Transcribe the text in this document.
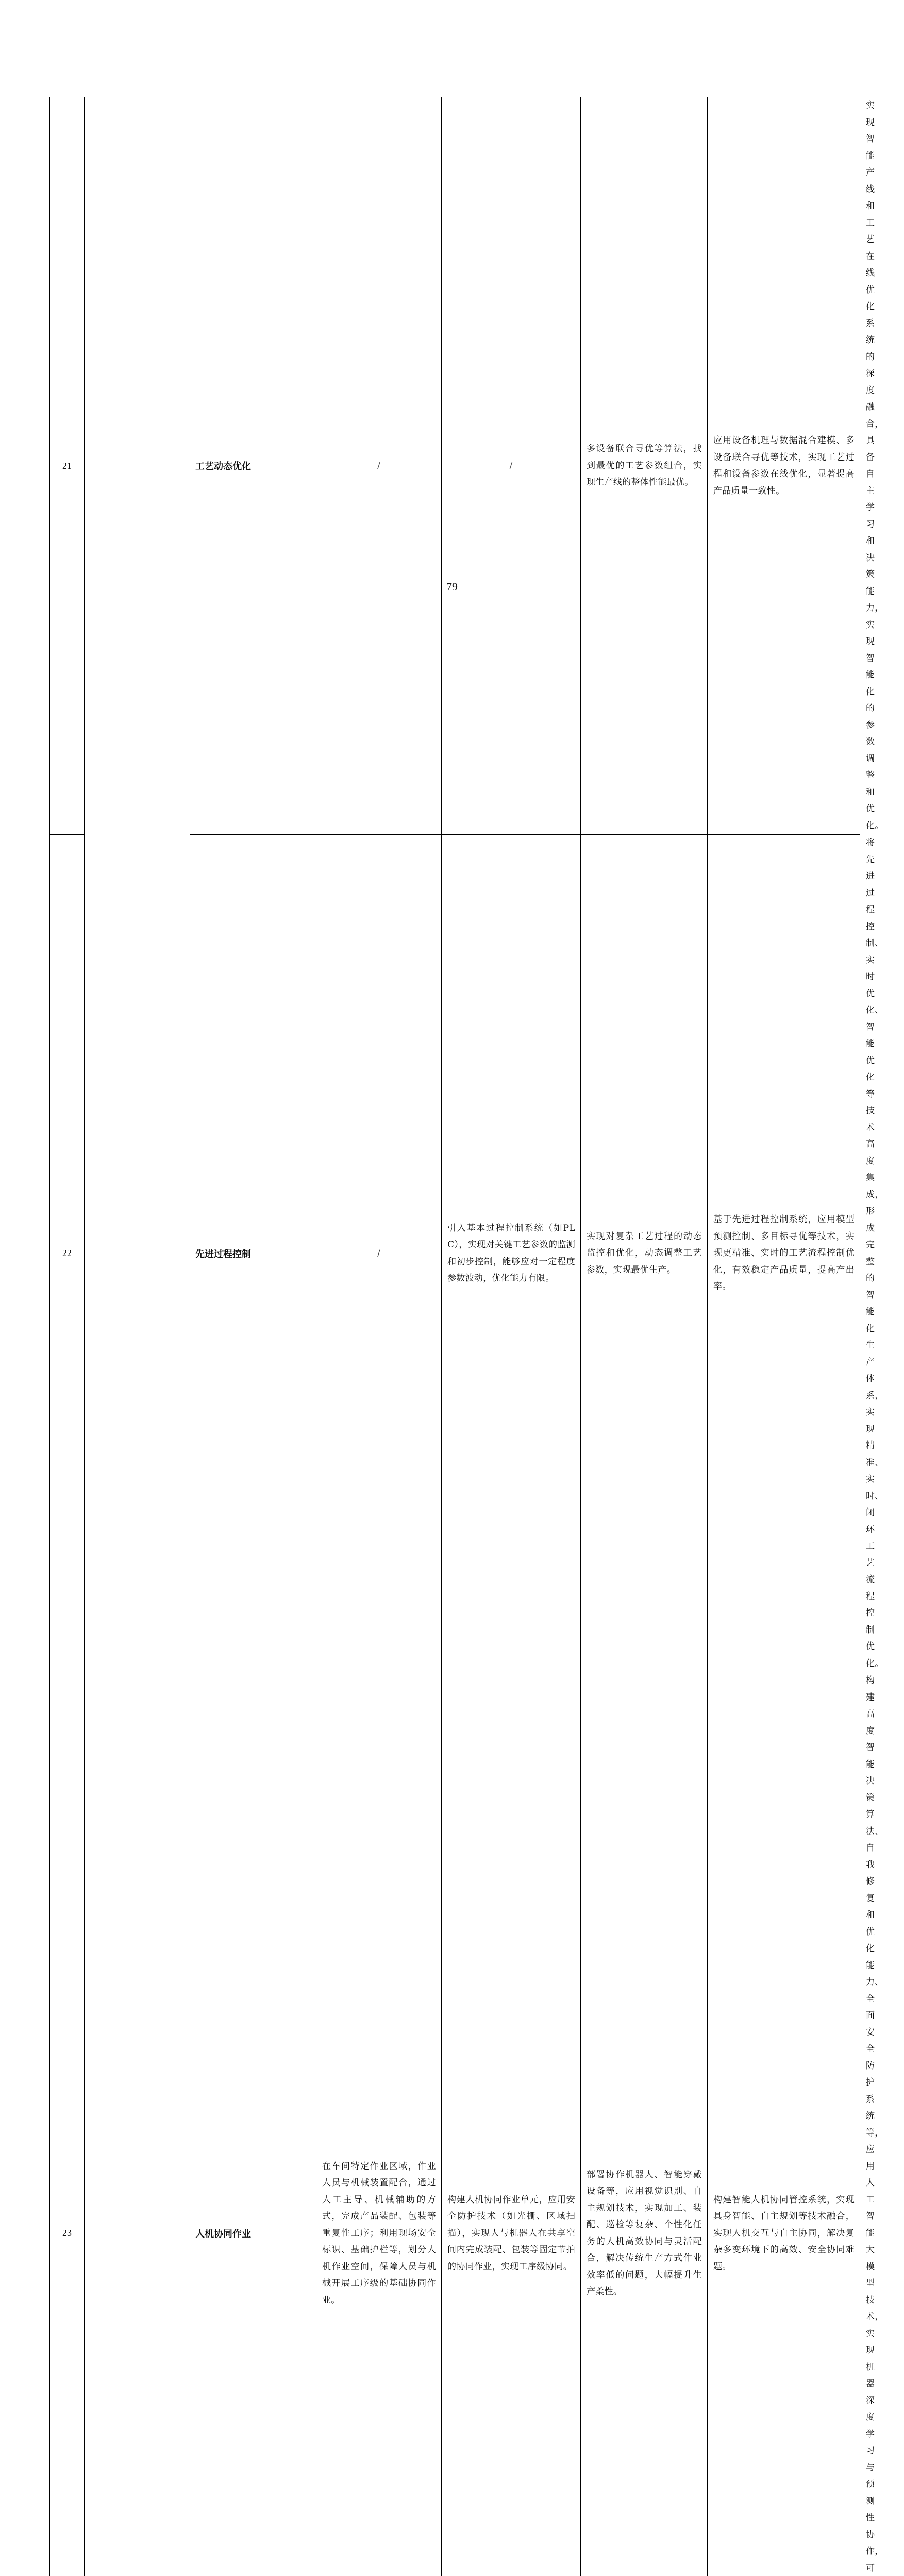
21			工艺动态优化	/	/	多设备联合寻优等算法，找到最优的工艺参数组合，实现生产线的整体性能最优。	应用设备机理与数据混合建模、多设备联合寻优等技术，实现工艺过程和设备参数在线优化，显著提高产品质量一致性。	实现智能产线和工艺在线优化系统的深度融合，具备自主学习和决策能力，实现智能化的参数调整和优化。
22			先进过程控制	/	引入基本过程控制系统（如PLC），实现对关键工艺参数的监测和初步控制，能够应对一定程度参数波动，优化能力有限。	实现对复杂工艺过程的动态监控和优化，动态调整工艺参数，实现最优生产。	基于先进过程控制系统，应用模型预测控制、多目标寻优等技术，实现更精准、实时的工艺流程控制优化，有效稳定产品质量，提高产出率。	将先进过程控制、实时优化、智能优化等技术高度集成，形成完整的智能化生产体系，实现精准、实时、闭环工艺流程控制优化。
23			人机协同作业	在车间特定作业区域，作业人员与机械装置配合，通过人工主导、机械辅助的方式，完成产品装配、包装等重复性工序；利用现场安全标识、基础护栏等，划分人机作业空间，保障人员与机械开展工序级的基础协同作业。	构建人机协同作业单元，应用安全防护技术（如光栅、区域扫描），实现人与机器人在共享空间内完成装配、包装等固定节拍的协同作业，实现工序级协同。	部署协作机器人、智能穿戴设备等，应用视觉识别、自主规划技术，实现加工、装配、巡检等复杂、个性化任务的人机高效协同与灵活配合，解决传统生产方式作业效率低的问题，大幅提升生产柔性。	构建智能人机协同管控系统，实现具身智能、自主规划等技术融合，实现人机交互与自主协同，解决复杂多变环境下的高效、安全协同难题。	构建高度智能决策算法、自我修复和优化能力、全面安全防护系统等，应用人工智能大模型技术，实现机器深度学习与预测性协作，可

79
